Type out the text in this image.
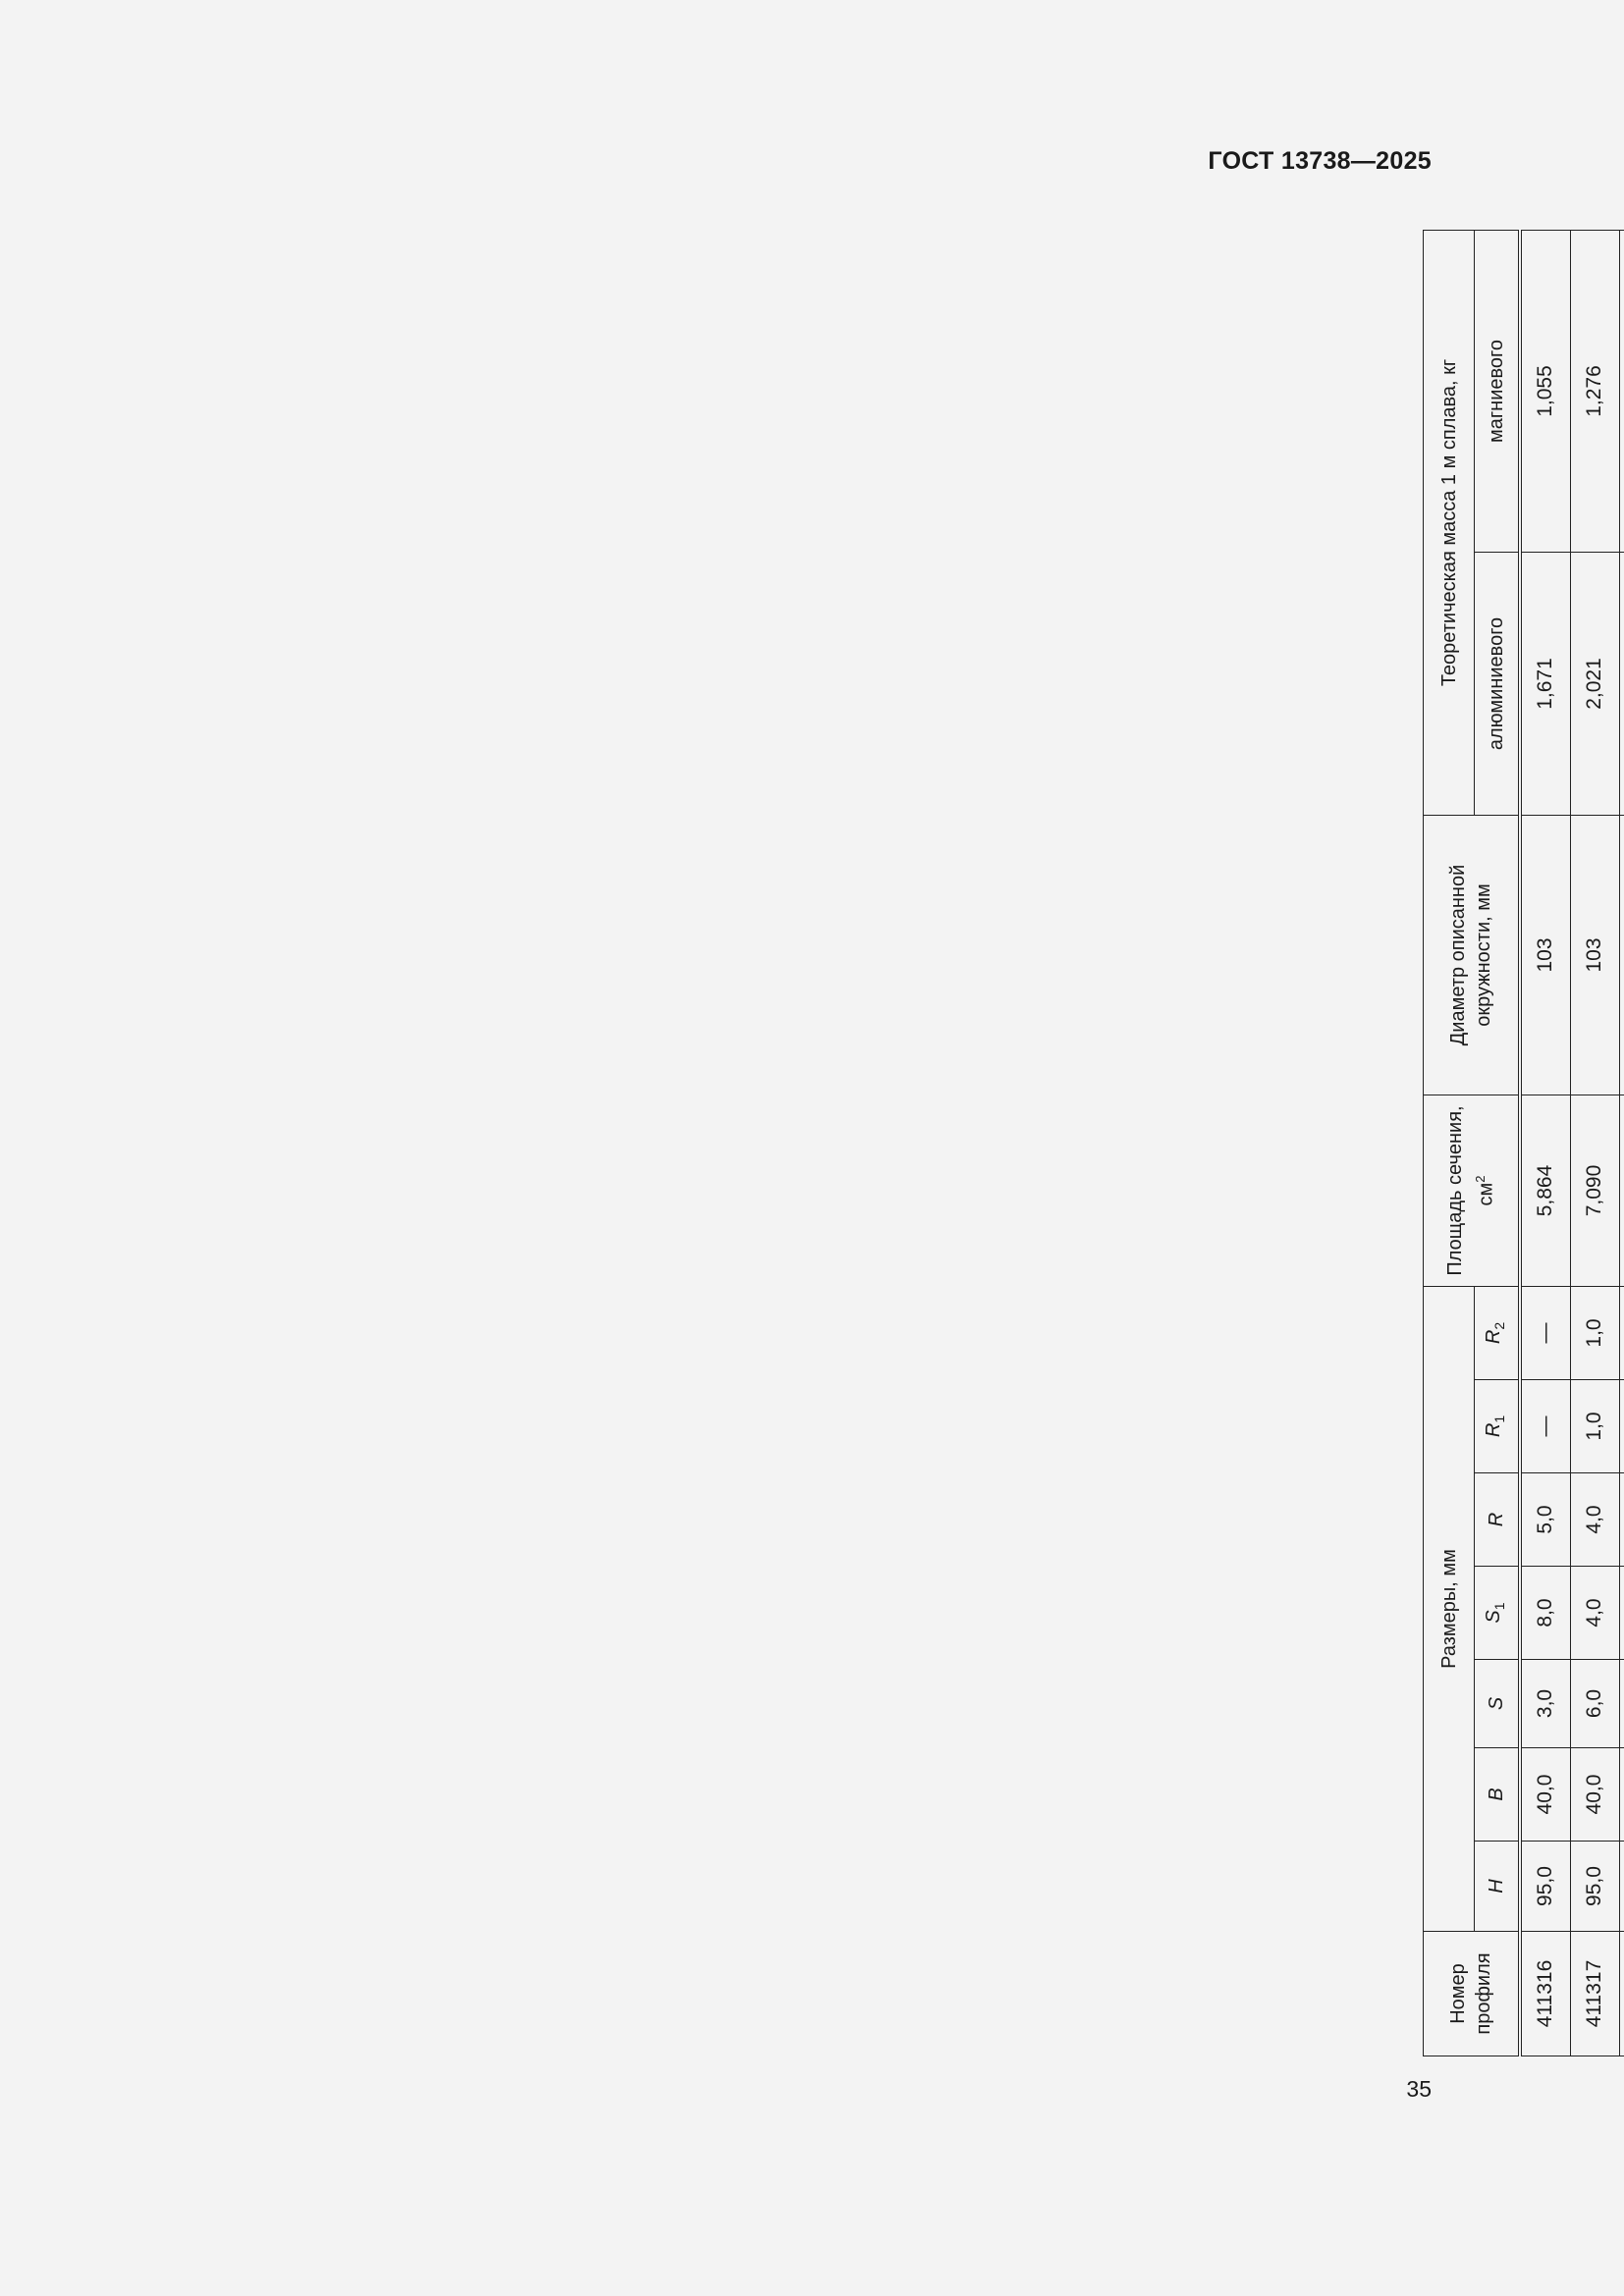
ГОСТ 13738—2025
Номер профиля	Размеры, мм							Площадь сечения, $см^2$	Диаметр описанной окружности, мм	Теоретическая масса 1 м сплава, кг	
	H	B	S	$S_1$	R	$R_1$	$R_2$			алюминиевого	магниевого
411316	95,0	40,0	3,0	8,0	5,0	—	—	5,864	103	1,671	1,055
411317	95,0	40,0	6,0	4,0	4,0	1,0	1,0	7,090	103	2,021	1,276

35
